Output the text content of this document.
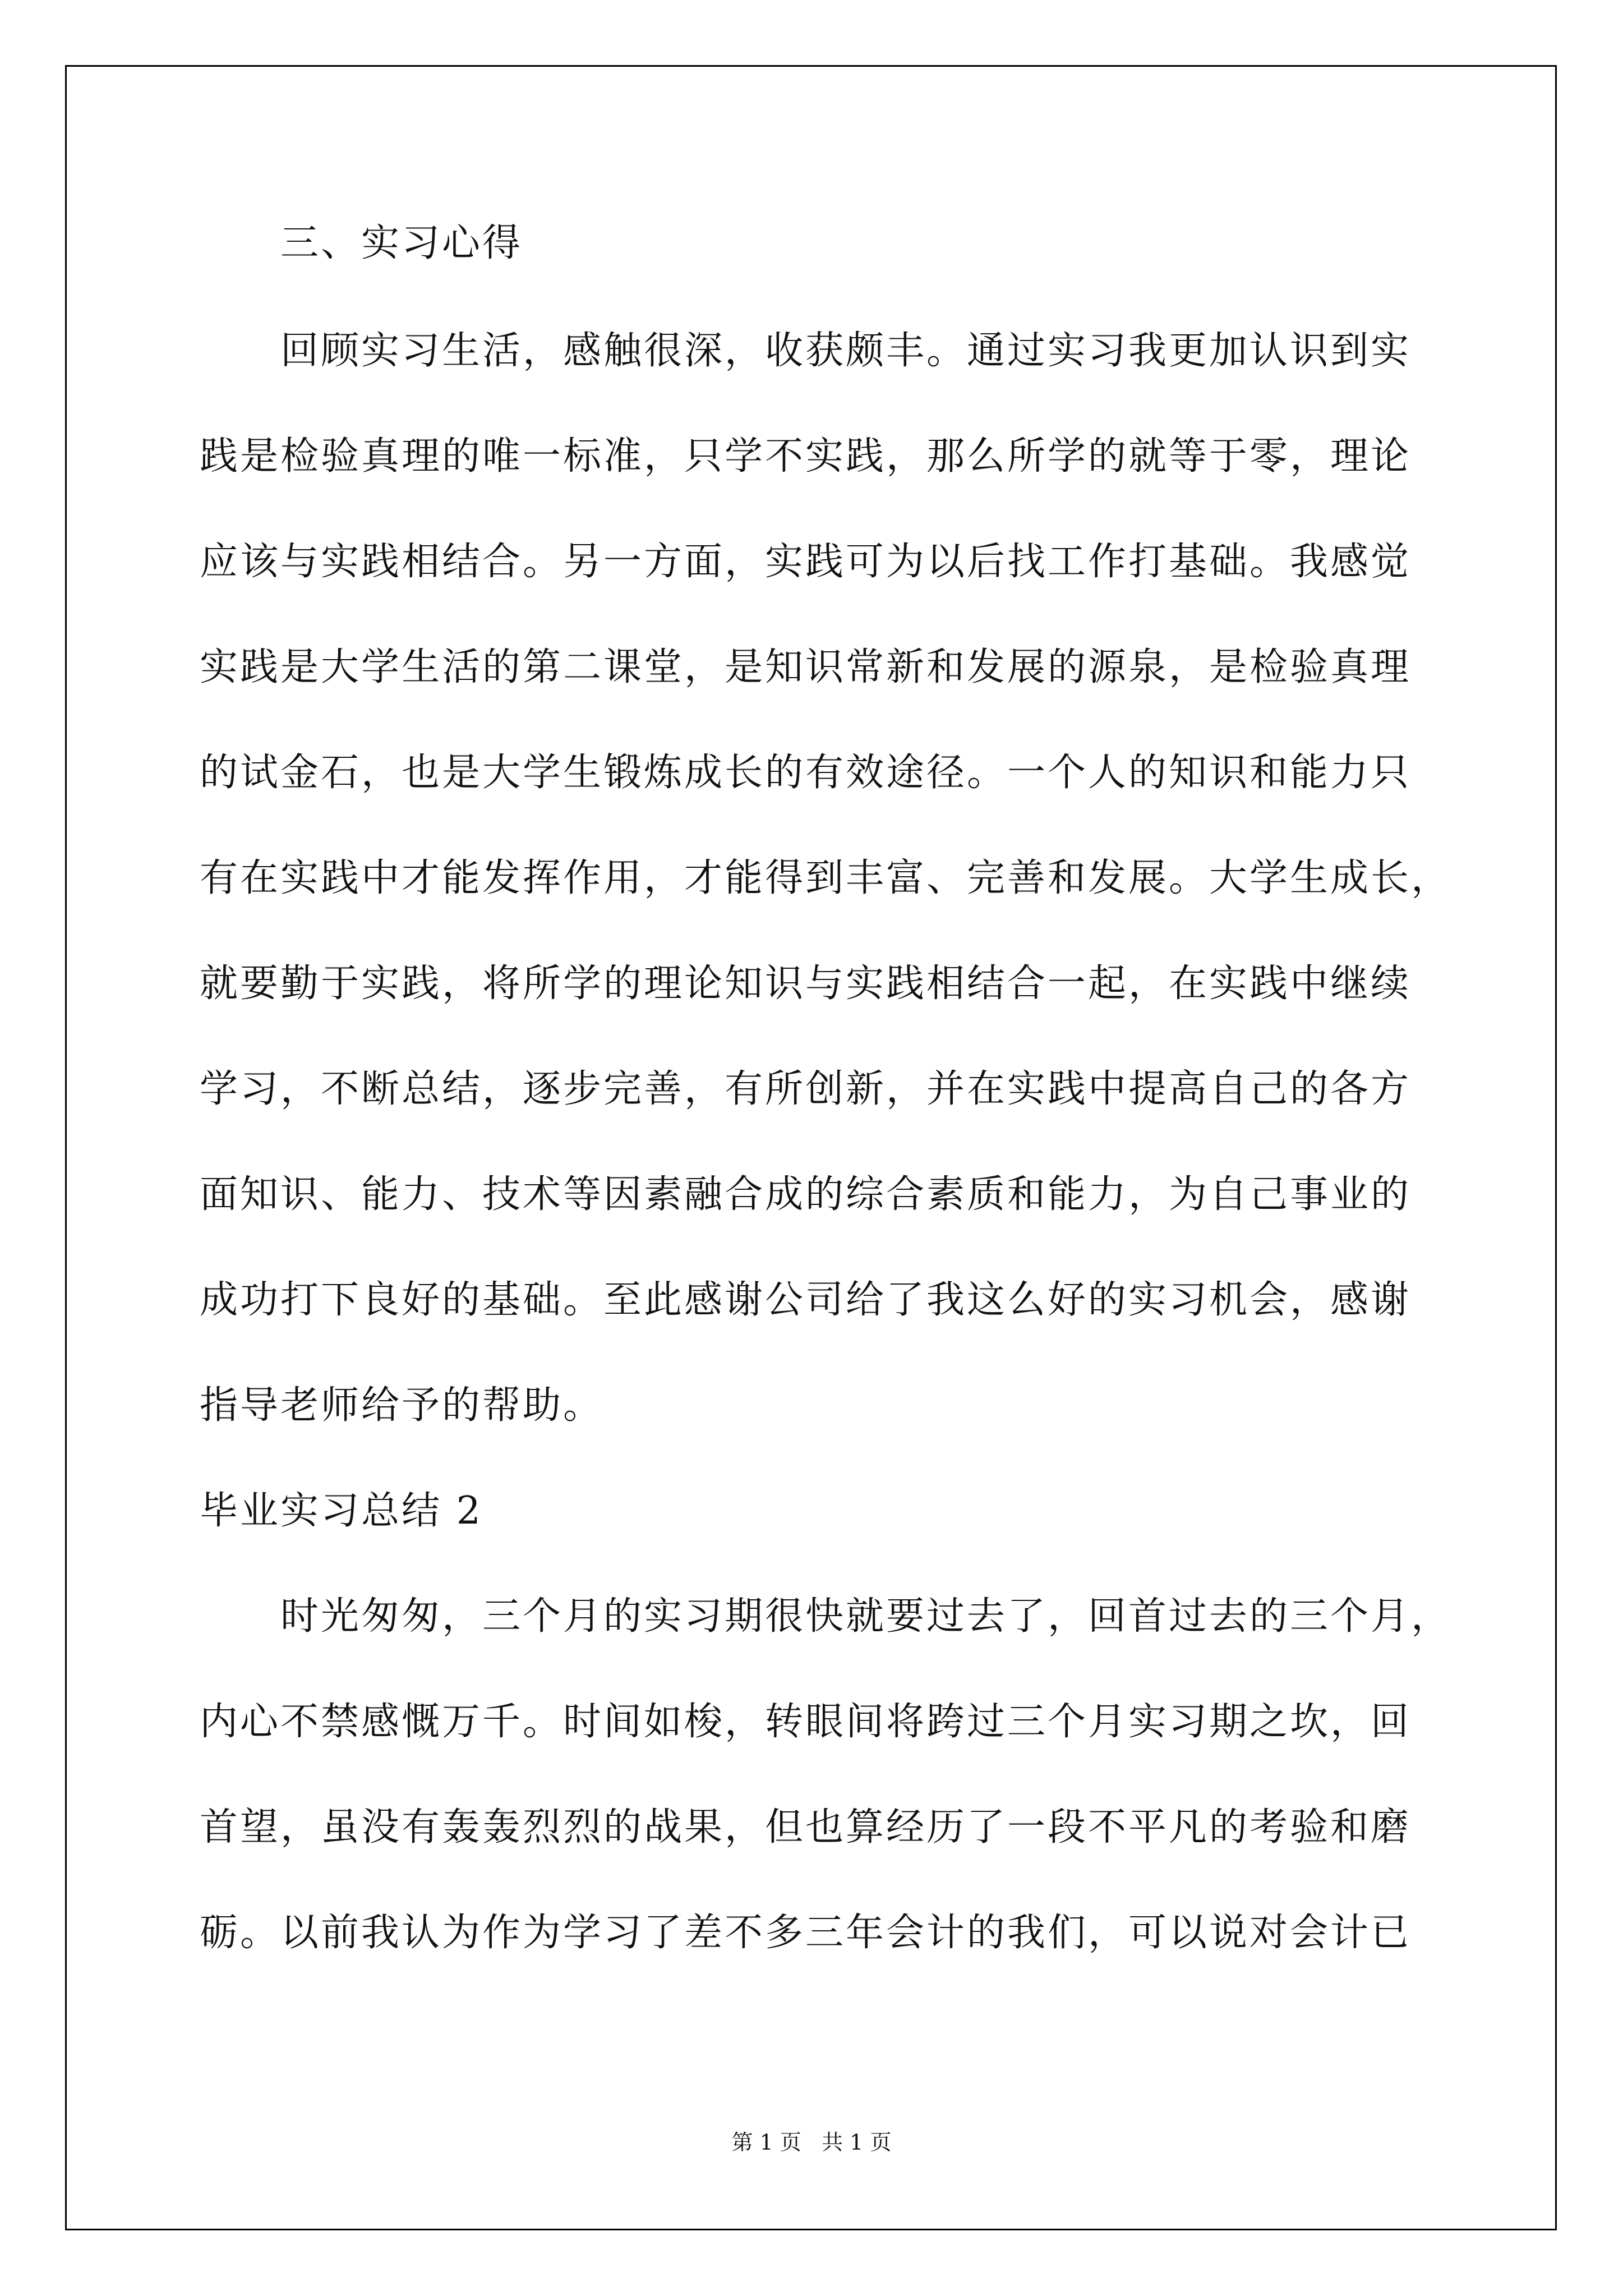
三、实习心得
回顾实习生活，感触很深，收获颇丰。通过实习我更加认识到实
践是检验真理的唯一标准，只学不实践，那么所学的就等于零，理论
应该与实践相结合。另一方面，实践可为以后找工作打基础。我感觉
实践是大学生活的第二课堂，是知识常新和发展的源泉，是检验真理
的试金石，也是大学生锻炼成长的有效途径。一个人的知识和能力只
有在实践中才能发挥作用，才能得到丰富、完善和发展。大学生成长，
就要勤于实践，将所学的理论知识与实践相结合一起，在实践中继续
学习，不断总结，逐步完善，有所创新，并在实践中提高自己的各方
面知识、能力、技术等因素融合成的综合素质和能力，为自己事业的
成功打下良好的基础。至此感谢公司给了我这么好的实习机会，感谢
指导老师给予的帮助。
毕业实习总结 2
时光匆匆，三个月的实习期很快就要过去了，回首过去的三个月，
内心不禁感慨万千。时间如梭，转眼间将跨过三个月实习期之坎，回
首望，虽没有轰轰烈烈的战果，但也算经历了一段不平凡的考验和磨
砺。以前我认为作为学习了差不多三年会计的我们，可以说对会计已
第 1 页   共 1 页
